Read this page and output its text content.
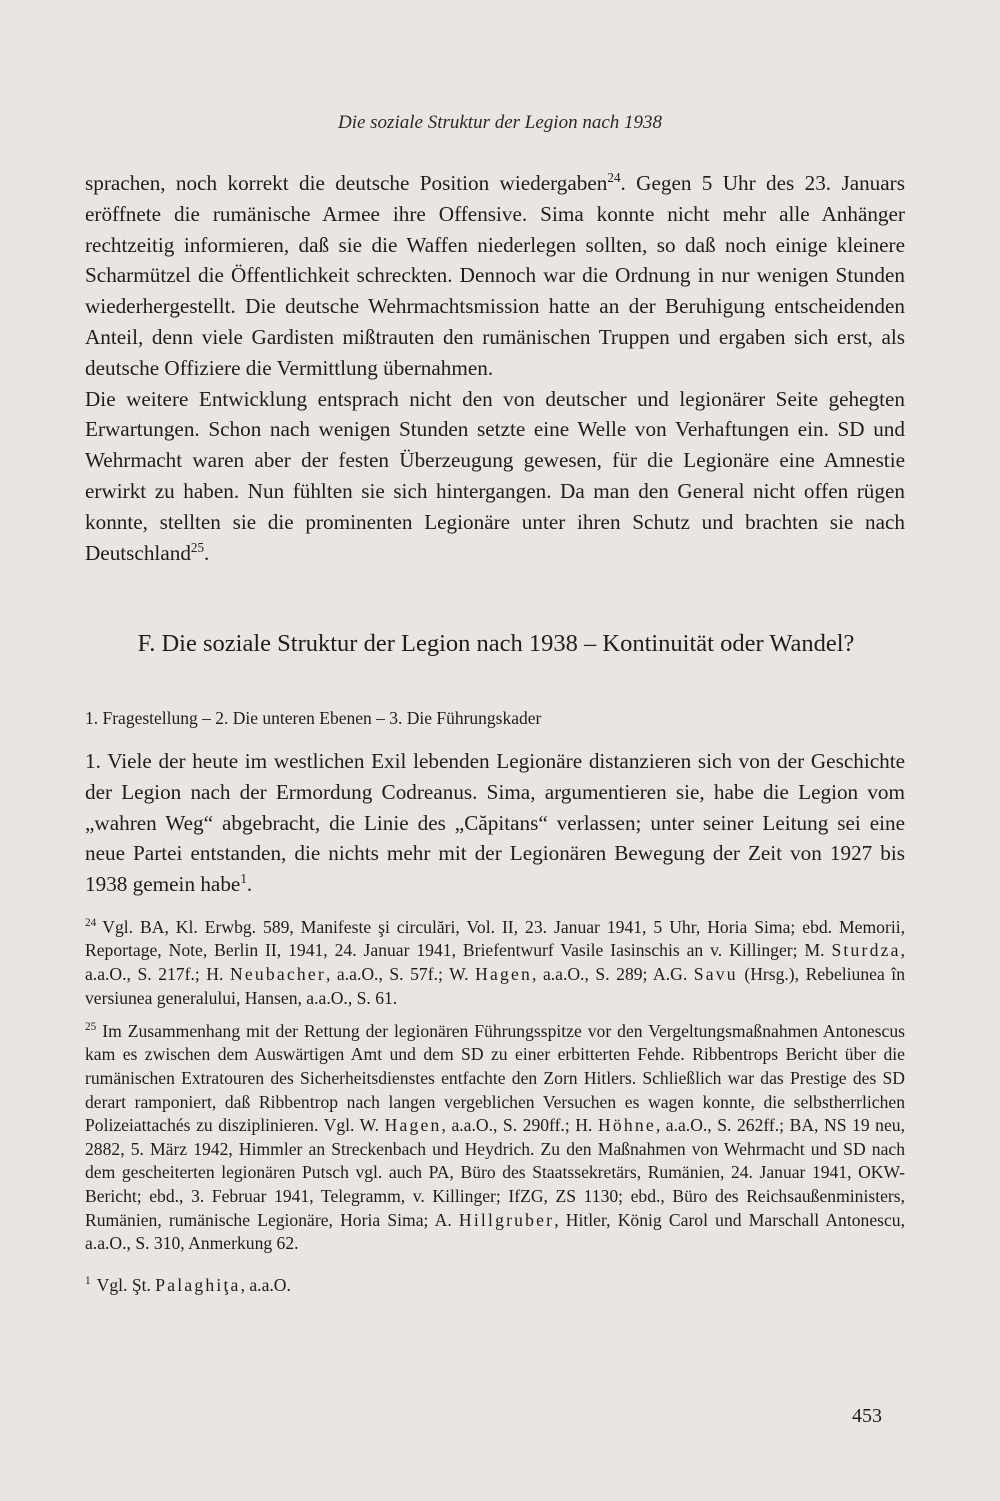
Die soziale Struktur der Legion nach 1938

sprachen, noch korrekt die deutsche Position wiedergaben$^{24}$. Gegen 5 Uhr des 23. Januars eröffnete die rumänische Armee ihre Offensive. Sima konnte nicht mehr alle Anhänger rechtzeitig informieren, daß sie die Waffen niederlegen sollten, so daß noch einige kleinere Scharmützel die Öffentlichkeit schreckten. Dennoch war die Ordnung in nur wenigen Stunden wiederhergestellt. Die deutsche Wehrmachtsmission hatte an der Beruhigung entscheidenden Anteil, denn viele Gardisten mißtrauten den rumänischen Truppen und ergaben sich erst, als deutsche Offiziere die Vermittlung übernahmen.

Die weitere Entwicklung entsprach nicht den von deutscher und legionärer Seite gehegten Erwartungen. Schon nach wenigen Stunden setzte eine Welle von Verhaftungen ein. SD und Wehrmacht waren aber der festen Überzeugung gewesen, für die Legionäre eine Amnestie erwirkt zu haben. Nun fühlten sie sich hintergangen. Da man den General nicht offen rügen konnte, stellten sie die prominenten Legionäre unter ihren Schutz und brachten sie nach Deutschland$^{25}$.

F. Die soziale Struktur der Legion nach 1938 – Kontinuität oder Wandel?
1. Fragestellung – 2. Die unteren Ebenen – 3. Die Führungskader

1. Viele der heute im westlichen Exil lebenden Legionäre distanzieren sich von der Geschichte der Legion nach der Ermordung Codreanus. Sima, argumentieren sie, habe die Legion vom „wahren Weg“ abgebracht, die Linie des „Căpitans“ verlassen; unter seiner Leitung sei eine neue Partei entstanden, die nichts mehr mit der Legionären Bewegung der Zeit von 1927 bis 1938 gemein habe$^1$.

$^{24}$ Vgl. BA, Kl. Erwbg. 589, Manifeste şi circulări, Vol. II, 23. Januar 1941, 5 Uhr, Horia Sima; ebd. Memorii, Reportage, Note, Berlin II, 1941, 24. Januar 1941, Briefentwurf Vasile Iasinschis an v. Killinger; M. Sturdza, a.a.O., S. 217f.; H. Neubacher, a.a.O., S. 57f.; W. Hagen, a.a.O., S. 289; A.G. Savu (Hrsg.), Rebeliunea în versiunea generalului, Hansen, a.a.O., S. 61.

$^{25}$ Im Zusammenhang mit der Rettung der legionären Führungsspitze vor den Vergeltungsmaßnahmen Antonescus kam es zwischen dem Auswärtigen Amt und dem SD zu einer erbitterten Fehde. Ribbentrops Bericht über die rumänischen Extratouren des Sicherheitsdienstes entfachte den Zorn Hitlers. Schließlich war das Prestige des SD derart ramponiert, daß Ribbentrop nach langen vergeblichen Versuchen es wagen konnte, die selbstherrlichen Polizeiattachés zu disziplinieren. Vgl. W. Hagen, a.a.O., S. 290ff.; H. Höhne, a.a.O., S. 262ff.; BA, NS 19 neu, 2882, 5. März 1942, Himmler an Streckenbach und Heydrich. Zu den Maßnahmen von Wehrmacht und SD nach dem gescheiterten legionären Putsch vgl. auch PA, Büro des Staatssekretärs, Rumänien, 24. Januar 1941, OKW-Bericht; ebd., 3. Februar 1941, Telegramm, v. Killinger; IfZG, ZS 1130; ebd., Büro des Reichsaußenministers, Rumänien, rumänische Legionäre, Horia Sima; A. Hillgruber, Hitler, König Carol und Marschall Antonescu, a.a.O., S. 310, Anmerkung 62.

$^1$ Vgl. Şt. Palaghiţa, a.a.O.

453
